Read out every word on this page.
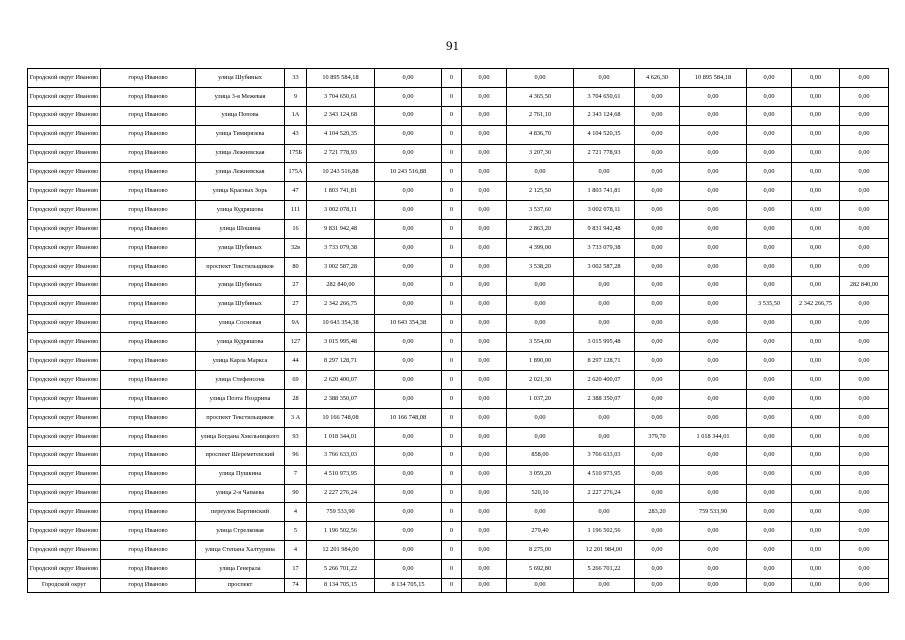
91
Городской округ Иваново	город Иваново	улица Шубиных	33	10 895 584,18	0,00	0	0,00	0,00	0,00	4 626,30	10 895 584,18	0,00	0,00	0,00
Городской округ Иваново	город Иваново	улица 3-я Межевая	9	3 704 650,61	0,00	0	0,00	4 365,50	3 704 650,61	0,00	0,00	0,00	0,00	0,00
Городской округ Иваново	город Иваново	улица Попова	1А	2 343 124,68	0,00	0	0,00	2 761,10	2 343 124,68	0,00	0,00	0,00	0,00	0,00
Городской округ Иваново	город Иваново	улица Тимирязева	43	4 104 520,35	0,00	0	0,00	4 836,70	4 104 520,35	0,00	0,00	0,00	0,00	0,00
Городской округ Иваново	город Иваново	улица Лежневская	175Б	2 721 778,93	0,00	0	0,00	3 207,30	2 721 778,93	0,00	0,00	0,00	0,00	0,00
Городской округ Иваново	город Иваново	улица Лежневская	175А	10 243 516,88	10 243 516,88	0	0,00	0,00	0,00	0,00	0,00	0,00	0,00	0,00
Городской округ Иваново	город Иваново	улица Красных Зорь	47	1 803 741,81	0,00	0	0,00	2 125,50	1 803 741,81	0,00	0,00	0,00	0,00	0,00
Городской округ Иваново	город Иваново	улица Кудряшова	111	3 002 078,11	0,00	0	0,00	3 537,60	3 002 078,11	0,00	0,00	0,00	0,00	0,00
Городской округ Иваново	город Иваново	улица Шошина	16	9 831 942,48	0,00	0	0,00	2 863,20	9 831 942,48	0,00	0,00	0,00	0,00	0,00
Городской округ Иваново	город Иваново	улица Шубиных	32в	3 733 079,38	0,00	0	0,00	4 399,00	3 733 079,38	0,00	0,00	0,00	0,00	0,00
Городской округ Иваново	город Иваново	проспект Текстильщиков	80	3 002 587,28	0,00	0	0,00	3 538,20	3 002 587,28	0,00	0,00	0,00	0,00	0,00
Городской округ Иваново	город Иваново	улица Шубиных	27	282 840,00	0,00	0	0,00	0,00	0,00	0,00	0,00	0,00	0,00	282 840,00
Городской округ Иваново	город Иваново	улица Шубиных	27	2 342 266,75	0,00	0	0,00	0,00	0,00	0,00	0,00	3 535,50	2 342 266,75	0,00
Городской округ Иваново	город Иваново	улица Сосновая	9А	10 643 354,38	10 643 354,38	0	0,00	0,00	0,00	0,00	0,00	0,00	0,00	0,00
Городской округ Иваново	город Иваново	улица Кудряшова	127	3 015 995,48	0,00	0	0,00	3 554,00	3 015 995,48	0,00	0,00	0,00	0,00	0,00
Городской округ Иваново	город Иваново	улица Карла Маркса	44	8 297 128,71	0,00	0	0,00	1 890,00	8 297 128,71	0,00	0,00	0,00	0,00	0,00
Городской округ Иваново	город Иваново	улица Стефенсона	69	2 620 400,07	0,00	0	0,00	2 021,30	2 620 400,07	0,00	0,00	0,00	0,00	0,00
Городской округ Иваново	город Иваново	улица Поэта Ноздрина	28	2 388 350,07	0,00	0	0,00	1 037,20	2 388 350,07	0,00	0,00	0,00	0,00	0,00
Городской округ Иваново	город Иваново	проспект Текстильщиков	3 А	10 166 748,08	10 166 748,08	0	0,00	0,00	0,00	0,00	0,00	0,00	0,00	0,00
Городской округ Иваново	город Иваново	улица Богдана Хмельницкого	93	1 018 344,01	0,00	0	0,00	0,00	0,00	379,70	1 018 344,01	0,00	0,00	0,00
Городской округ Иваново	город Иваново	проспект Шереметевский	96	3 766 633,03	0,00	0	0,00	858,00	3 766 633,03	0,00	0,00	0,00	0,00	0,00
Городской округ Иваново	город Иваново	улица Пушкина	7	4 510 973,95	0,00	0	0,00	3 059,20	4 510 973,95	0,00	0,00	0,00	0,00	0,00
Городской округ Иваново	город Иваново	улица 2-я Чапаева	90	2 227 276,24	0,00	0	0,00	520,10	2 227 276,24	0,00	0,00	0,00	0,00	0,00
Городской округ Иваново	город Иваново	переулок Вартинский	4	759 533,90	0,00	0	0,00	0,00	0,00	283,20	759 533,90	0,00	0,00	0,00
Городской округ Иваново	город Иваново	улица Стрелковая	5	1 196 502,56	0,00	0	0,00	279,40	1 196 502,56	0,00	0,00	0,00	0,00	0,00
Городской округ Иваново	город Иваново	улица Степана Халтурина	4	12 201 984,00	0,00	0	0,00	8 275,00	12 201 984,00	0,00	0,00	0,00	0,00	0,00
Городской округ Иваново	город Иваново	улица Генерала	17	5 266 701,22	0,00	0	0,00	5 692,80	5 266 701,22	0,00	0,00	0,00	0,00	0,00
Городской округ	город Иваново	проспект	74	8 134 705,15	8 134 705,15	0	0,00	0,00	0,00	0,00	0,00	0,00	0,00	0,00
